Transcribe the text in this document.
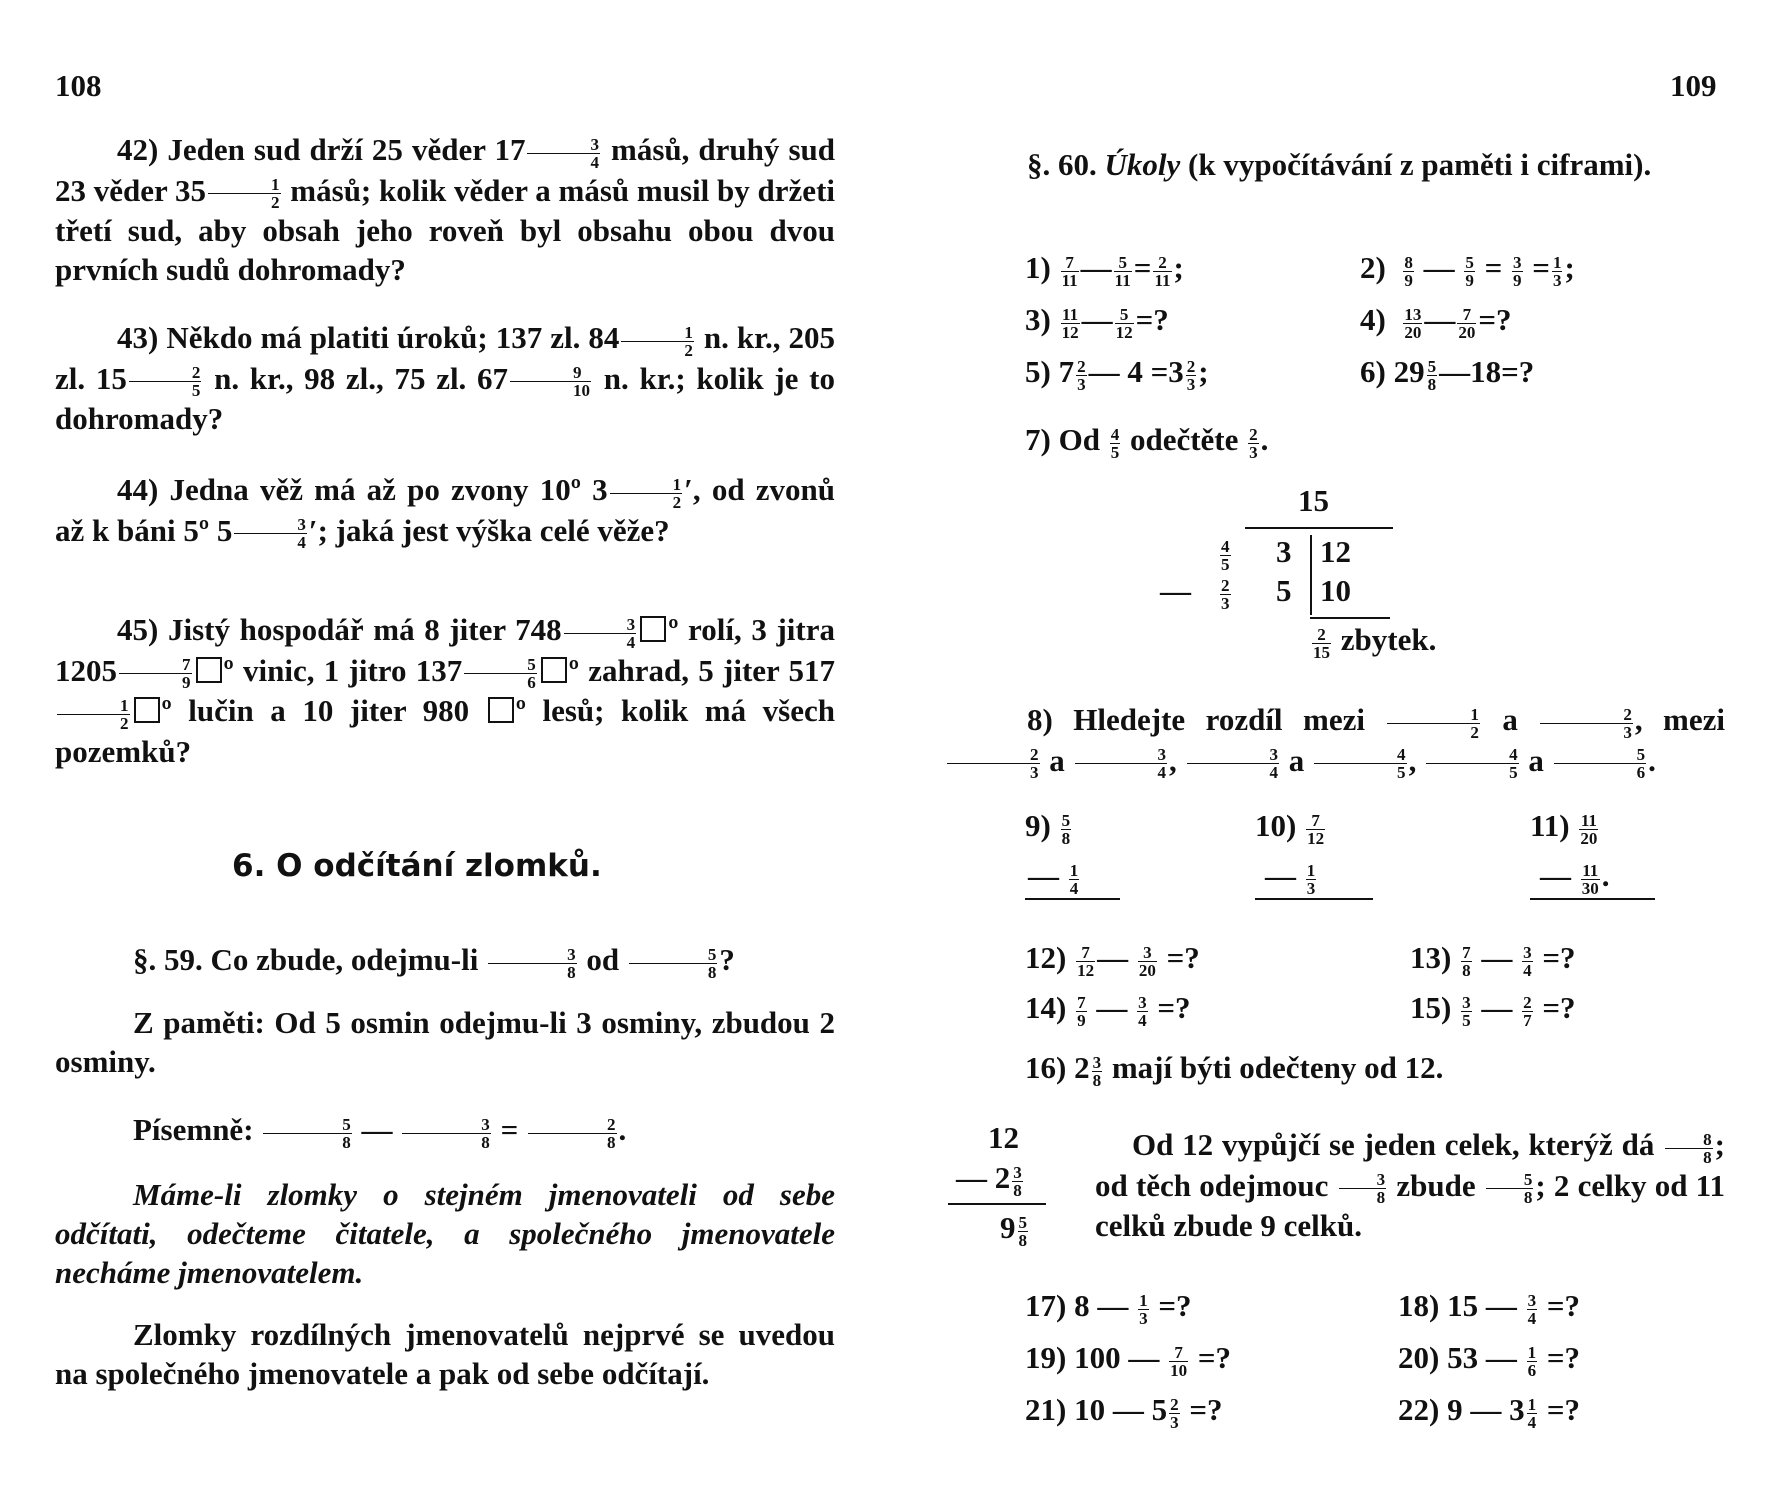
108

42) Jeden sud drží 25 věder $17 \frac{3}{4}$ másů, druhý sud 23 věder $35 \frac{1}{2}$ másů; kolik věder a másů musil by držeti třetí sud, aby obsah jeho roveň byl obsahu obou dvou prvních sudů dohromady?

43) Někdo má platiti úroků; 137 zl. $84 \frac{1}{2} n$. kr., 205 zl. $15 \frac{2}{5} n$. kr., 98 zl., 75 zl. $67 \frac{9}{10} n$. kr.; kolik je to dohromady?

44) Jedna věž má až po zvony 10º $3 \frac{1}{2}$ ′, od zvonů až k báni 5º $5 \frac{3}{4}$ ′; jaká jest výška celé věže?

45) Jistý hospodář má 8 jiter $748 \frac{3}{4}$ º rolí, 3 jitra $1205 \frac{7}{9}$ º vinic, 1 jitro $137 \frac{5}{6}$ º zahrad, 5 jiter 517
$\frac{1}{2}$ º lučin a 10 jiter 980 º lesů; kolik má všech pozemků?

6. O odčítání zlomků.

§. 59. Co zbude, odejmu-li $\frac{3}{8}$ od $\frac{5}{8}$ ?

Z paměti: Od 5 osmin odejmu-li 3 osminy, zbudou 2 osminy.

Písemně: $\frac{5}{8}$ — $\frac{3}{8} = \frac{2}{8}$ .

Máme-li zlomky o stejném jmenovateli od sebe odčítati, odečteme čitatele, a společného jmenovatele necháme jmenovatelem.

Zlomky rozdílných jmenovatelů nejprvé se uvedou na společného jmenovatele a pak od sebe odčítají.

109

§. 60. Úkoly (k vypočítávání z paměti i ciframi).

$1) \frac{7}{11}$ — $\frac{5}{11} = \frac{2}{11}$ ;	$2) \frac{8}{9}$ — $\frac{5}{9} = \frac{3}{9} = \frac{1}{3}$ ;
$3) \frac{11}{12}$ — $\frac{5}{12}$ =?	$4) \frac{13}{20}$ — $\frac{7}{20}$ =?
5) $7 \frac{2}{3}$ — $4 =3 \frac{2}{3}$ ;	6) $29 \frac{5}{8}$ —18=?
7) Od $\frac{4}{5}$ odečtěte $\frac{2}{3}$ .
15
$\frac{4}{5} 3$ 12
— $\frac{2}{3} 5$ 10
$\frac{2}{15}$ zbytek.

8) Hledejte rozdíl mezi $\frac{1}{2}$ a $\frac{2}{3}$ , mezi
$\frac{2}{3}$ a $\frac{3}{4}$ , $\frac{3}{4}$ a $\frac{4}{5}$ , $\frac{4}{5}$ a $\frac{5}{6}$ .

$9) \frac{5}{8}$
— $\frac{1}{4}$
$10) \frac{7}{12}$
— $\frac{1}{3}$
$11) \frac{11}{20}$
— $\frac{11}{30}$ .
$12) \frac{7}{12}$ — $\frac{3}{20}$ =?	$13) \frac{7}{8}$ — $\frac{3}{4}$ =?
$14) \frac{7}{9}$ — $\frac{3}{4}$ =?	$15) \frac{3}{5}$ — $\frac{2}{7}$ =?
16) $2 \frac{3}{8}$ mají býti odečteny od 12.
12
— $2 \frac{3}{8}$
$9 \frac{5}{8}$

Od 12 vypůjčí se jeden celek, kterýž dá $\frac{8}{8}$ ; od těch odejmouc $\frac{3}{8}$ zbude $\frac{5}{8}$ ; 2 celky od 11 celků zbude 9 celků.

17) 8 — $\frac{1}{3}$ =?	18) 15 — $\frac{3}{4}$ =?
19) 100 — $\frac{7}{10}$ =?	20) 53 — $\frac{1}{6}$ =?
21) 10 — $5 \frac{2}{3}$ =?	22) 9 — $3 \frac{1}{4}$ =?
